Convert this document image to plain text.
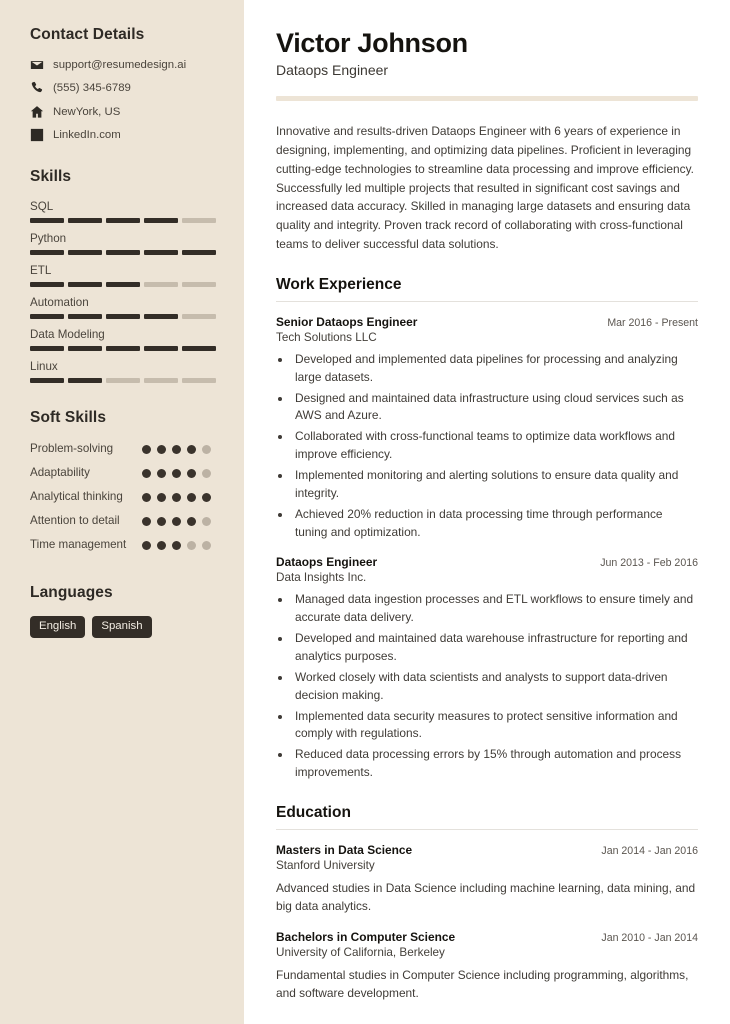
Contact Details
support@resumedesign.ai
(555) 345-6789
NewYork, US
LinkedIn.com
Skills
SQL
Python
ETL
Automation
Data Modeling
Linux
Soft Skills
Problem-solving
Adaptability
Analytical thinking
Attention to detail
Time management
Languages
English	Spanish
Victor Johnson
Dataops Engineer

Innovative and results-driven Dataops Engineer with 6 years of experience in designing, implementing, and optimizing data pipelines. Proficient in leveraging cutting-edge technologies to streamline data processing and improve efficiency. Successfully led multiple projects that resulted in significant cost savings and increased data accuracy. Skilled in managing large datasets and ensuring data quality and integrity. Proven track record of collaborating with cross-functional teams to deliver successful data solutions.

Work Experience
Senior Dataops Engineer	Mar 2016 - Present
Tech Solutions LLC
• Developed and implemented data pipelines for processing and analyzing large datasets.
• Designed and maintained data infrastructure using cloud services such as AWS and Azure.
• Collaborated with cross-functional teams to optimize data workflows and improve efficiency.
• Implemented monitoring and alerting solutions to ensure data quality and integrity.
• Achieved 20% reduction in data processing time through performance tuning and optimization.
Dataops Engineer	Jun 2013 - Feb 2016
Data Insights Inc.
• Managed data ingestion processes and ETL workflows to ensure timely and accurate data delivery.
• Developed and maintained data warehouse infrastructure for reporting and analytics purposes.
• Worked closely with data scientists and analysts to support data-driven decision making.
• Implemented data security measures to protect sensitive information and comply with regulations.
• Reduced data processing errors by 15% through automation and process improvements.
Education
Masters in Data Science	Jan 2014 - Jan 2016
Stanford University
Advanced studies in Data Science including machine learning, data mining, and big data analytics.
Bachelors in Computer Science	Jan 2010 - Jan 2014
University of California, Berkeley
Fundamental studies in Computer Science including programming, algorithms, and software development.
